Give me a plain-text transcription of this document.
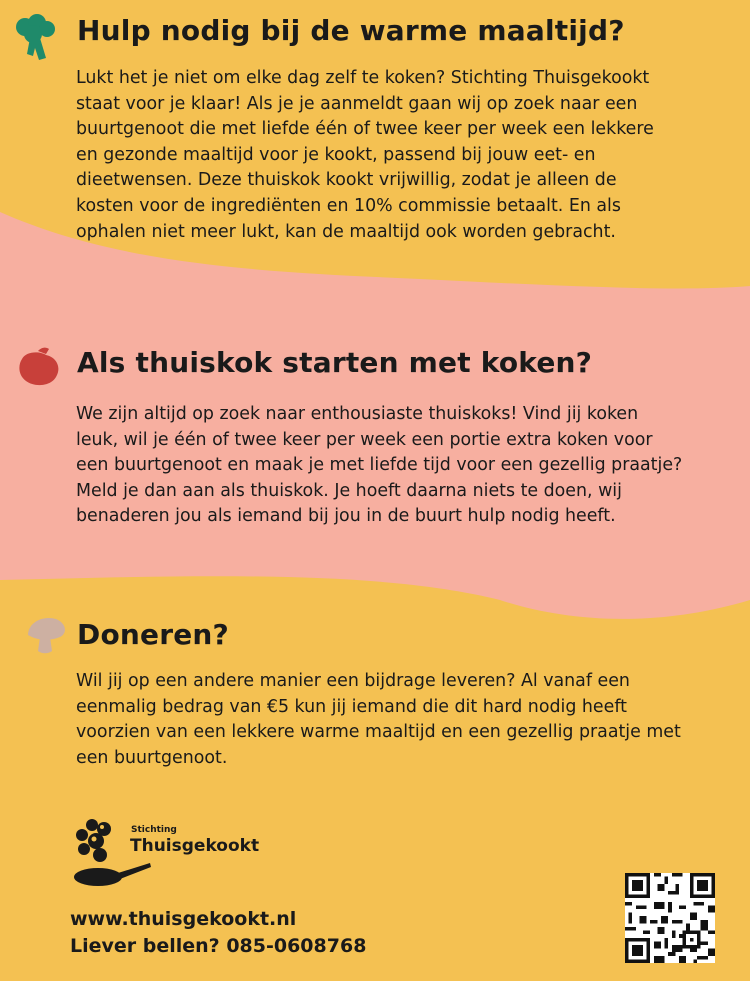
Hulp nodig bij de warme maaltijd?

Lukt het je niet om elke dag zelf te koken? Stichting Thuisgekookt
staat voor je klaar! Als je je aanmeldt gaan wij op zoek naar een
buurtgenoot die met liefde één of twee keer per week een lekkere
en gezonde maaltijd voor je kookt, passend bij jouw eet- en
dieetwensen. Deze thuiskok kookt vrijwillig, zodat je alleen de
kosten voor de ingrediënten en 10% commissie betaalt. En als
ophalen niet meer lukt, kan de maaltijd ook worden gebracht.

Als thuiskok starten met koken?

We zijn altijd op zoek naar enthousiaste thuiskoks! Vind jij koken
leuk, wil je één of twee keer per week een portie extra koken voor
een buurtgenoot en maak je met liefde tijd voor een gezellig praatje?
Meld je dan aan als thuiskok. Je hoeft daarna niets te doen, wij
benaderen jou als iemand bij jou in de buurt hulp nodig heeft.

Doneren?

Wil jij op een andere manier een bijdrage leveren? Al vanaf een
eenmalig bedrag van €5 kun jij iemand die dit hard nodig heeft
voorzien van een lekkere warme maaltijd en een gezellig praatje met
een buurtgenoot.

Stichting
Thuisgekookt
www.thuisgekookt.nl
Liever bellen? 085-0608768
